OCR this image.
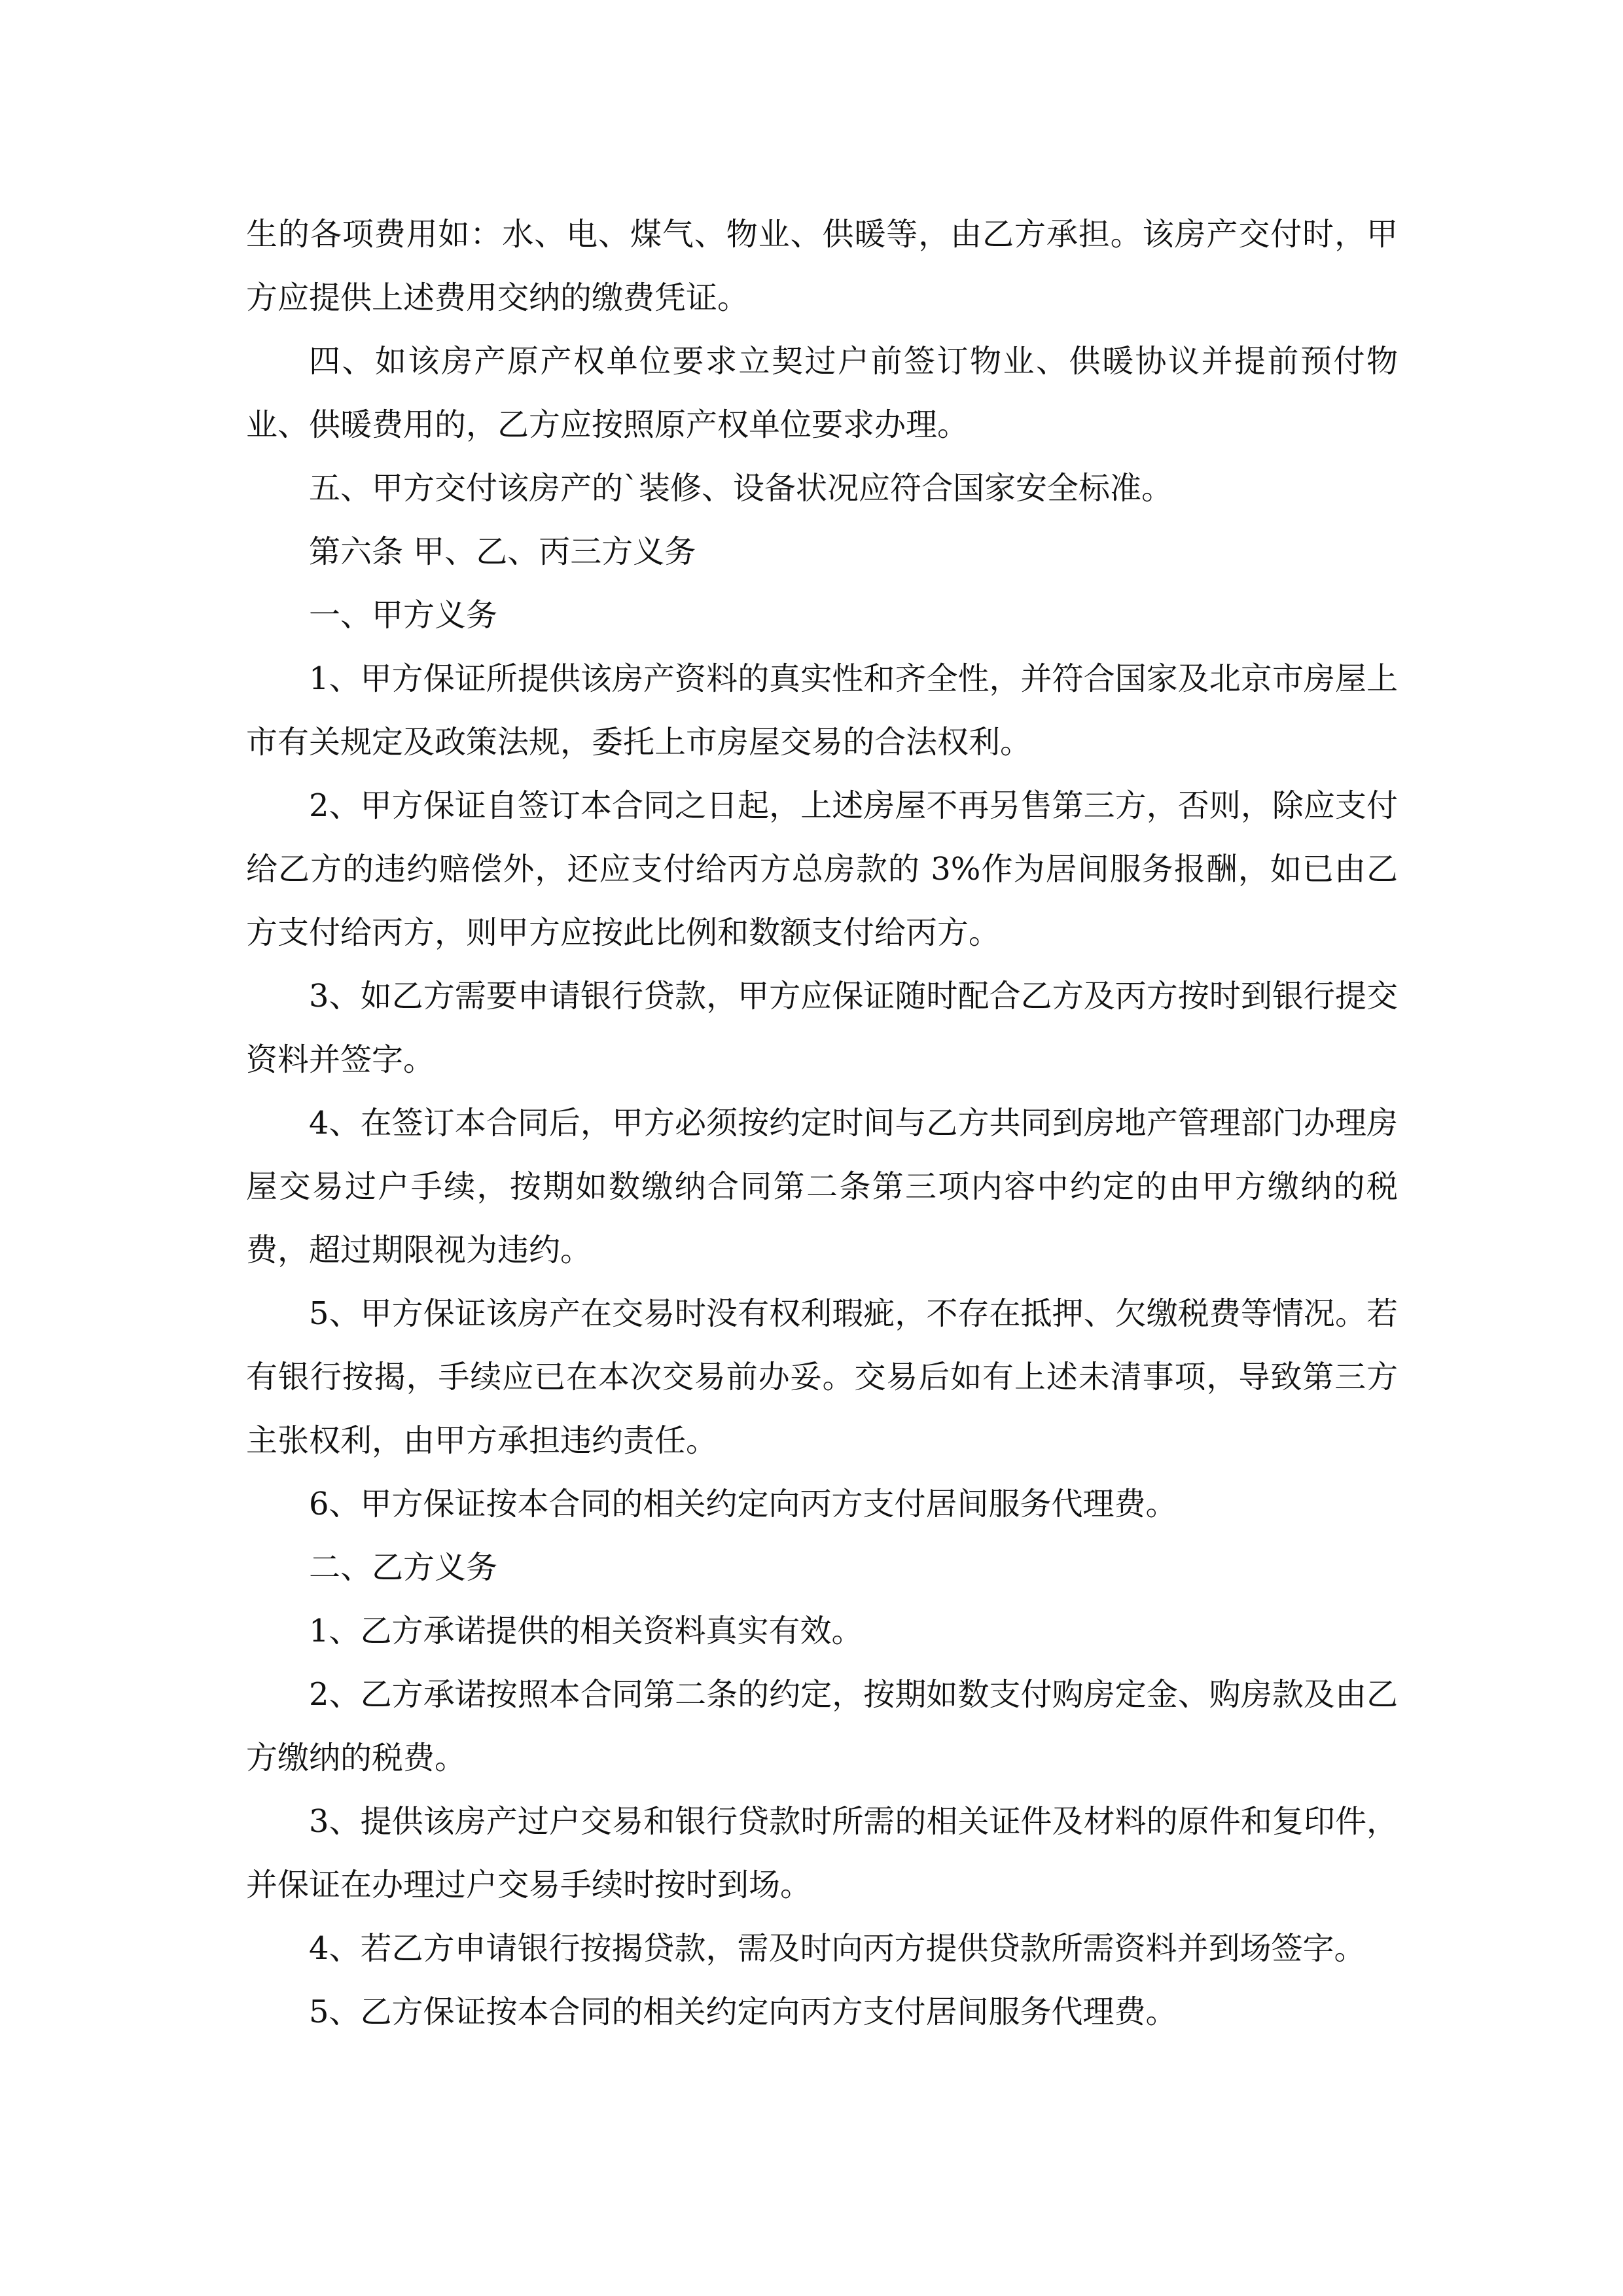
生的各项费用如：水、电、煤气、物业、供暖等，由乙方承担。该房产交付时，甲方应提供上述费用交纳的缴费凭证。

四、如该房产原产权单位要求立契过户前签订物业、供暖协议并提前预付物业、供暖费用的，乙方应按照原产权单位要求办理。

五、甲方交付该房产的`装修、设备状况应符合国家安全标准。

第六条 甲、乙、丙三方义务

一、甲方义务

1、甲方保证所提供该房产资料的真实性和齐全性，并符合国家及北京市房屋上市有关规定及政策法规，委托上市房屋交易的合法权利。

2、甲方保证自签订本合同之日起，上述房屋不再另售第三方，否则，除应支付给乙方的违约赔偿外，还应支付给丙方总房款的 3%作为居间服务报酬，如已由乙方支付给丙方，则甲方应按此比例和数额支付给丙方。

3、如乙方需要申请银行贷款，甲方应保证随时配合乙方及丙方按时到银行提交资料并签字。

4、在签订本合同后，甲方必须按约定时间与乙方共同到房地产管理部门办理房屋交易过户手续，按期如数缴纳合同第二条第三项内容中约定的由甲方缴纳的税费，超过期限视为违约。

5、甲方保证该房产在交易时没有权利瑕疵，不存在抵押、欠缴税费等情况。若有银行按揭，手续应已在本次交易前办妥。交易后如有上述未清事项，导致第三方主张权利，由甲方承担违约责任。

6、甲方保证按本合同的相关约定向丙方支付居间服务代理费。

二、乙方义务

1、乙方承诺提供的相关资料真实有效。

2、乙方承诺按照本合同第二条的约定，按期如数支付购房定金、购房款及由乙方缴纳的税费。

3、提供该房产过户交易和银行贷款时所需的相关证件及材料的原件和复印件，并保证在办理过户交易手续时按时到场。

4、若乙方申请银行按揭贷款，需及时向丙方提供贷款所需资料并到场签字。

5、乙方保证按本合同的相关约定向丙方支付居间服务代理费。
